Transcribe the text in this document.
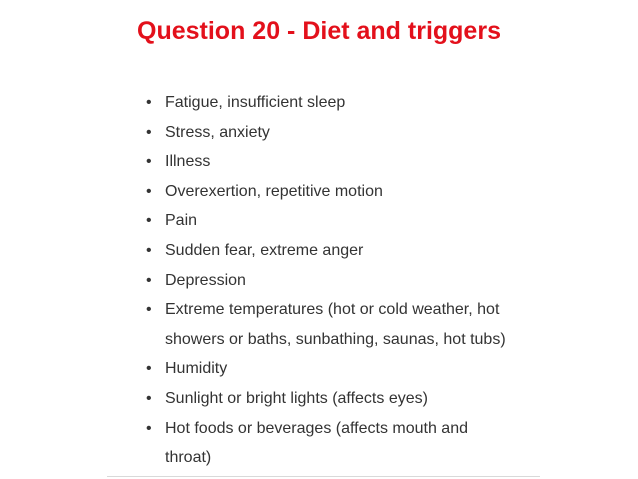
Question 20 - Diet and triggers
• Fatigue, insufficient sleep
• Stress, anxiety
• Illness
• Overexertion, repetitive motion
• Pain
• Sudden fear, extreme anger
• Depression
• Extreme temperatures (hot or cold weather, hot
showers or baths, sunbathing, saunas, hot tubs)
• Humidity
• Sunlight or bright lights (affects eyes)
• Hot foods or beverages (affects mouth and
throat)
